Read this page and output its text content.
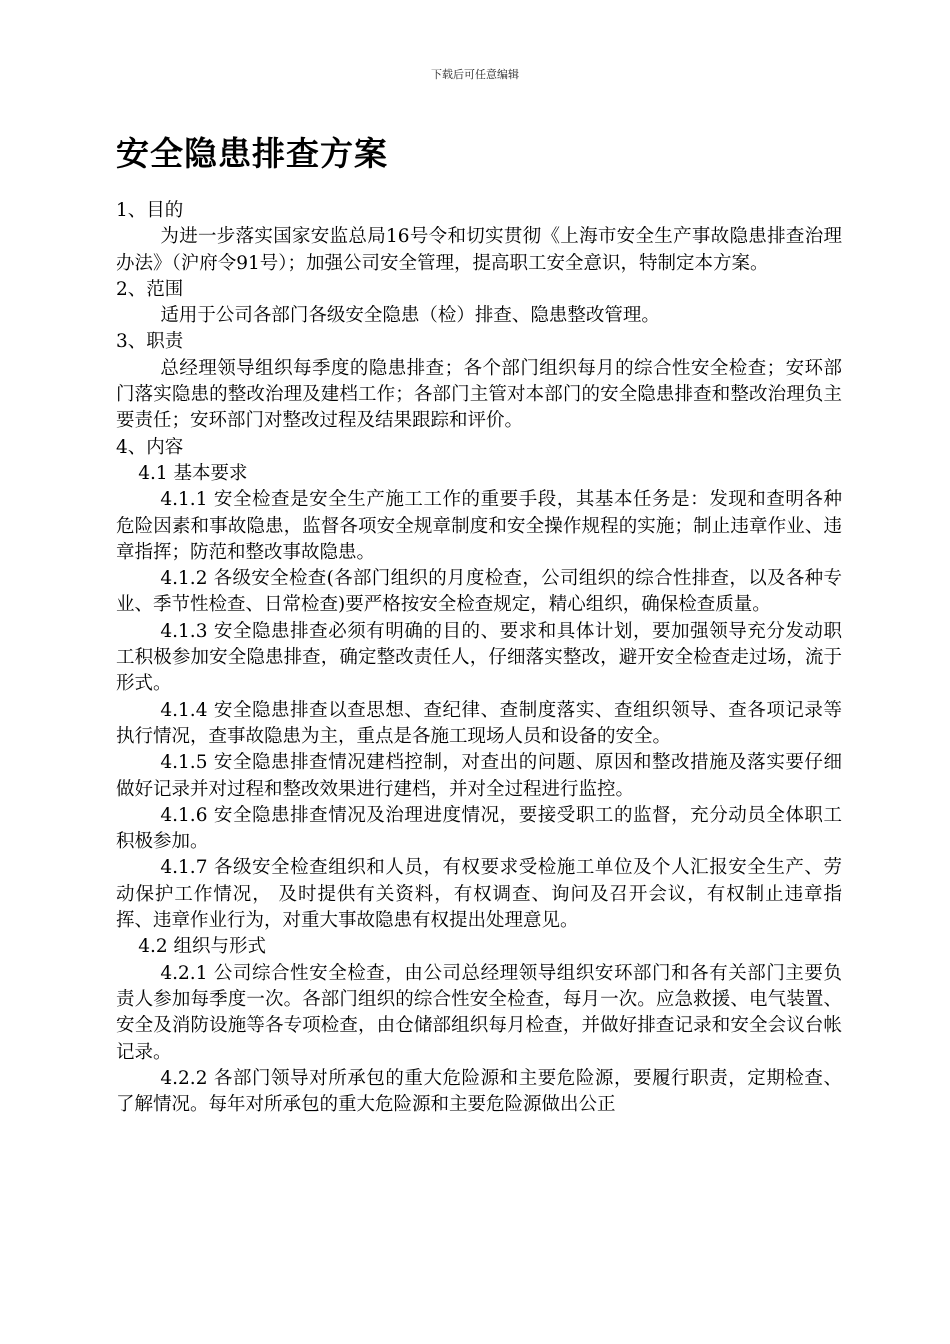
下载后可任意编辑
安全隐患排查方案

1、目的

为进一步落实国家安监总局16号令和切实贯彻《上海市安全生产事故隐患排查治理办法》（沪府令91号）；加强公司安全管理，提高职工安全意识，特制定本方案。

2、范围

适用于公司各部门各级安全隐患（检）排查、隐患整改管理。

3、职责

总经理领导组织每季度的隐患排查；各个部门组织每月的综合性安全检查；安环部门落实隐患的整改治理及建档工作；各部门主管对本部门的安全隐患排查和整改治理负主要责任；安环部门对整改过程及结果跟踪和评价。

4、内容

4.1 基本要求

4.1.1 安全检查是安全生产施工工作的重要手段，其基本任务是：发现和查明各种危险因素和事故隐患，监督各项安全规章制度和安全操作规程的实施；制止违章作业、违章指挥；防范和整改事故隐患。

4.1.2 各级安全检查(各部门组织的月度检查，公司组织的综合性排查，以及各种专业、季节性检查、日常检查)要严格按安全检查规定，精心组织，确保检查质量。

4.1.3 安全隐患排查必须有明确的目的、要求和具体计划，要加强领导充分发动职工积极参加安全隐患排查，确定整改责任人，仔细落实整改，避开安全检查走过场，流于形式。

4.1.4 安全隐患排查以查思想、查纪律、查制度落实、查组织领导、查各项记录等执行情况，查事故隐患为主，重点是各施工现场人员和设备的安全。

4.1.5 安全隐患排查情况建档控制，对查出的问题、原因和整改措施及落实要仔细做好记录并对过程和整改效果进行建档，并对全过程进行监控。

4.1.6 安全隐患排查情况及治理进度情况，要接受职工的监督，充分动员全体职工积极参加。

4.1.7 各级安全检查组织和人员，有权要求受检施工单位及个人汇报安全生产、劳动保护工作情况， 及时提供有关资料，有权调查、询问及召开会议，有权制止违章指挥、违章作业行为，对重大事故隐患有权提出处理意见。

4.2 组织与形式

4.2.1 公司综合性安全检查，由公司总经理领导组织安环部门和各有关部门主要负责人参加每季度一次。各部门组织的综合性安全检查，每月一次。应急救援、电气装置、安全及消防设施等各专项检查，由仓储部组织每月检查，并做好排查记录和安全会议台帐记录。

4.2.2 各部门领导对所承包的重大危险源和主要危险源，要履行职责，定期检查、了解情况。每年对所承包的重大危险源和主要危险源做出公正
